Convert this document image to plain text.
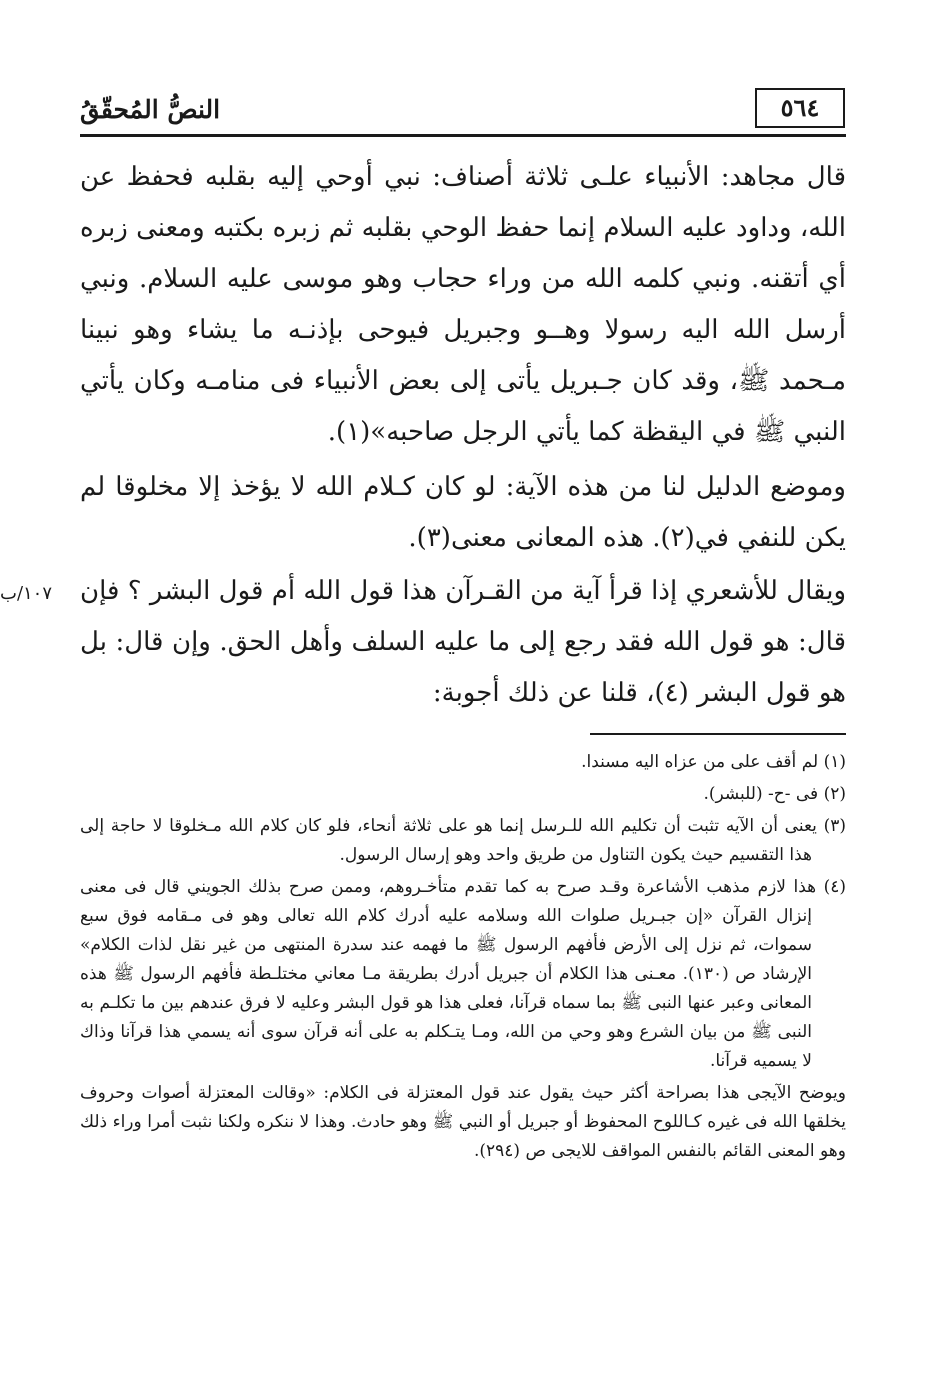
النصُّ المُحقّقُ	٥٦٤
١٠٧/ب

قال مجاهد: الأنبياء علـى ثلاثة أصناف: نبي أوحي إليه بقلبه فحفظ عن الله، وداود عليه السلام إنما حفظ الوحي بقلبه ثم زبره بكتبه ومعنى زبره أي أتقنه. ونبي كلمه الله من وراء حجاب وهو موسى عليه السلام. ونبي أرسل الله اليه رسولا وهــو وجبريل فيوحى بإذنـه ما يشاء وهو نبينا مـحمد ﷺ، وقد كان جـبريل يأتى إلى بعض الأنبياء فى منامـه وكان يأتي النبي ﷺ في اليقظة كما يأتي الرجل صاحبه»(١).

وموضع الدليل لنا من هذه الآية: لو كان كـلام الله لا يؤخذ إلا مخلوقا لم يكن للنفي في(٢). هذه المعانى معنى(٣).

ويقال للأشعري إذا قرأ آية من القـرآن هذا قول الله أم قول البشر ؟ فإن قال: هو قول الله فقد رجع إلى ما عليه السلف وأهل الحق. وإن قال: بل هو قول البشر (٤)، قلنا عن ذلك أجوبة:

(١) لم أقف على من عزاه اليه مسندا.
(٢) فى -ح- (للبشر).
(٣) يعنى أن الآيه تثبت أن تكليم الله للـرسل إنما هو على ثلاثة أنحاء، فلو كان كلام الله مـخلوقا لا حاجة إلى هذا التقسيم حيث يكون التناول من طريق واحد وهو إرسال الرسول.
(٤) هذا لازم مذهب الأشاعرة وقـد صرح به كما تقدم متأخـروهم، وممن صرح بذلك الجويني قال فى معنى إنزال القرآن «إن جبـريل صلوات الله وسلامه عليه أدرك كلام الله تعالى وهو فى مـقامه فوق سبع سموات، ثم نزل إلى الأرض فأفهم الرسول ﷺ ما فهمه عند سدرة المنتهى من غير نقل لذات الكلام» الإرشاد ص (١٣٠). معـنى هذا الكلام أن جبريل أدرك بطريقة مـا معاني مختلـطة فأفهم الرسول ﷺ هذه المعانى وعبر عنها النبى ﷺ بما سماه قرآنا، فعلى هذا هو قول البشر وعليه لا فرق عندهم بين ما تكلـم به النبى ﷺ من بيان الشرع وهو وحي من الله، ومـا يتـكلم به على أنه قرآن سوى أنه يسمي هذا قرآنا وذاك لا يسميه قرآنا.
ويوضح الآيجى هذا بصراحة أكثر حيث يقول عند قول المعتزلة فى الكلام: «وقالت المعتزلة أصوات وحروف يخلقها الله فى غيره كـاللوح المحفوظ أو جبريل أو النبي ﷺ وهو حادث. وهذا لا ننكره ولكنا نثبت أمرا وراء ذلك وهو المعنى القائم بالنفس المواقف للايجى ص (٢٩٤).
